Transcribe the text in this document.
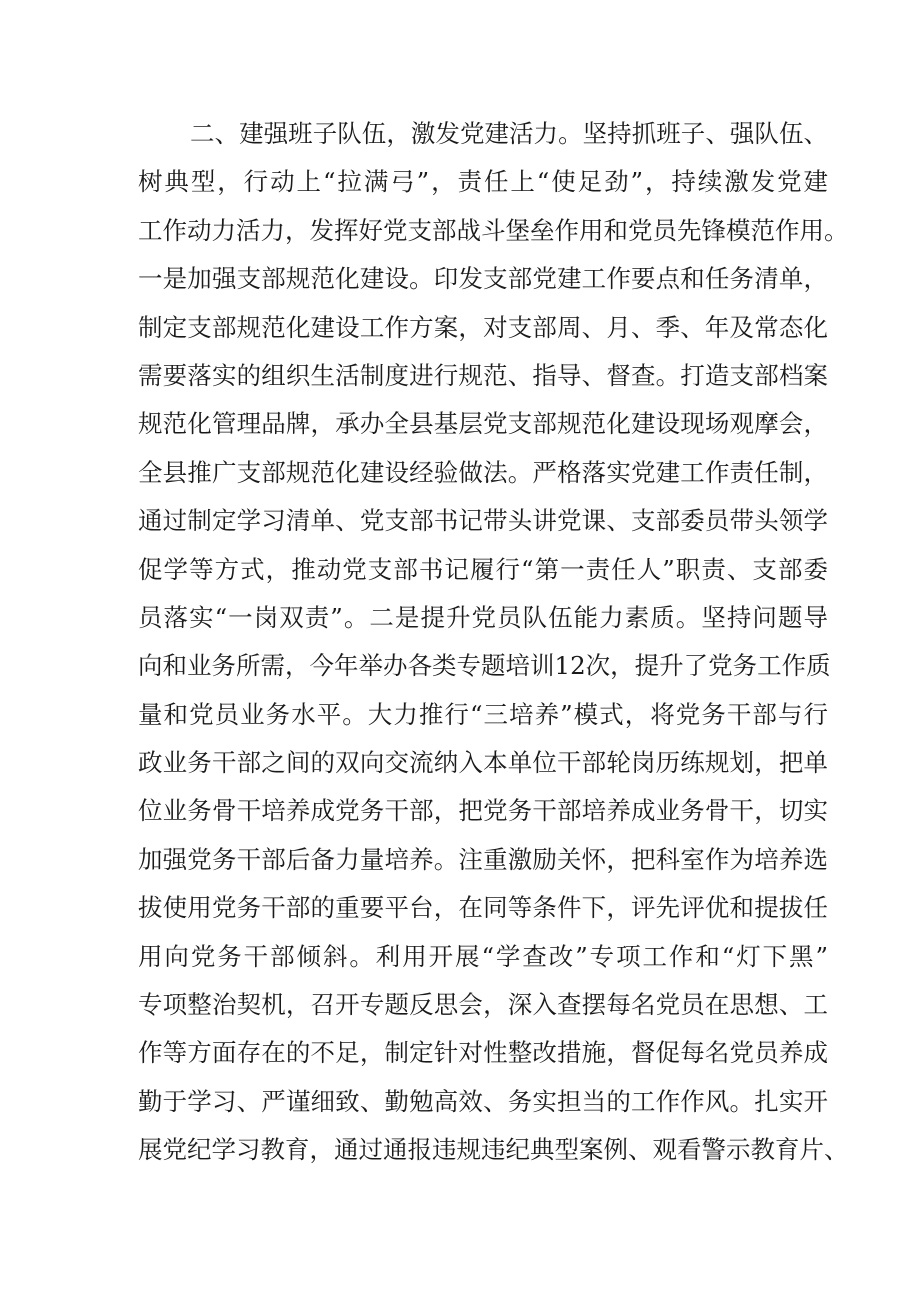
二、建强班子队伍，激发党建活力。坚持抓班子、强队伍、
树典型，行动上“拉满弓”，责任上“使足劲”，持续激发党建
工作动力活力，发挥好党支部战斗堡垒作用和党员先锋模范作用。
一是加强支部规范化建设。印发支部党建工作要点和任务清单，
制定支部规范化建设工作方案，对支部周、月、季、年及常态化
需要落实的组织生活制度进行规范、指导、督查。打造支部档案
规范化管理品牌，承办全县基层党支部规范化建设现场观摩会，
全县推广支部规范化建设经验做法。严格落实党建工作责任制，
通过制定学习清单、党支部书记带头讲党课、支部委员带头领学
促学等方式，推动党支部书记履行“第一责任人”职责、支部委
员落实“一岗双责”。二是提升党员队伍能力素质。坚持问题导
向和业务所需，今年举办各类专题培训12次，提升了党务工作质
量和党员业务水平。大力推行“三培养”模式，将党务干部与行
政业务干部之间的双向交流纳入本单位干部轮岗历练规划，把单
位业务骨干培养成党务干部，把党务干部培养成业务骨干，切实
加强党务干部后备力量培养。注重激励关怀，把科室作为培养选
拔使用党务干部的重要平台，在同等条件下，评先评优和提拔任
用向党务干部倾斜。利用开展“学查改”专项工作和“灯下黑”
专项整治契机，召开专题反思会，深入查摆每名党员在思想、工
作等方面存在的不足，制定针对性整改措施，督促每名党员养成
勤于学习、严谨细致、勤勉高效、务实担当的工作作风。扎实开
展党纪学习教育，通过通报违规违纪典型案例、观看警示教育片、
